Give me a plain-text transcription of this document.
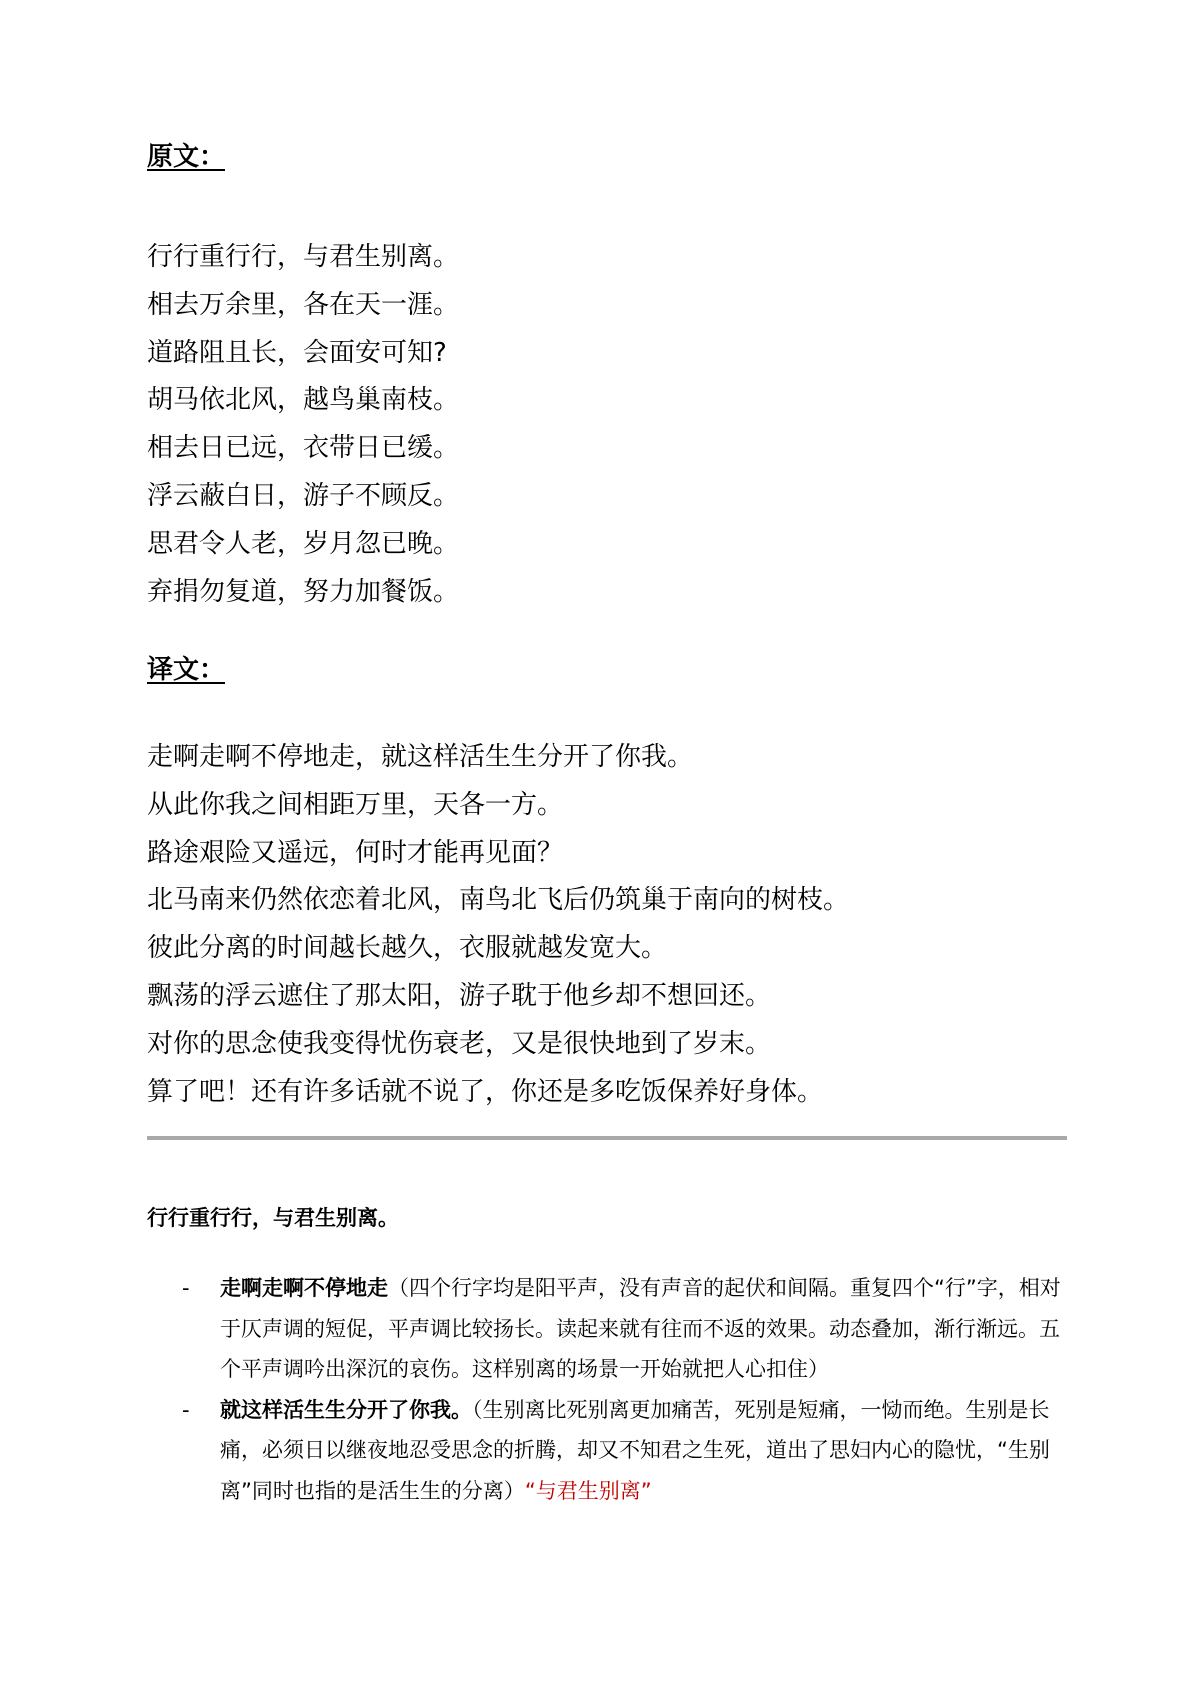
原文：
行行重行行，与君生别离。
相去万余里，各在天一涯。
道路阻且长，会面安可知?
胡马依北风，越鸟巢南枝。
相去日已远，衣带日已缓。
浮云蔽白日，游子不顾反。
思君令人老，岁月忽已晚。
弃捐勿复道，努力加餐饭。
译文：
走啊走啊不停地走，就这样活生生分开了你我。
从此你我之间相距万里，天各一方。
路途艰险又遥远，何时才能再见面？
北马南来仍然依恋着北风，南鸟北飞后仍筑巢于南向的树枝。
彼此分离的时间越长越久，衣服就越发宽大。
飘荡的浮云遮住了那太阳，游子耽于他乡却不想回还。
对你的思念使我变得忧伤衰老，又是很快地到了岁末。
算了吧！还有许多话就不说了，你还是多吃饭保养好身体。
行行重行行，与君生别离。
- 走啊走啊不停地走（四个行字均是阳平声，没有声音的起伏和间隔。重复四个“行”字，相对于仄声调的短促，平声调比较扬长。读起来就有往而不返的效果。动态叠加，渐行渐远。五个平声调吟出深沉的哀伤。这样别离的场景一开始就把人心扣住）
- 就这样活生生分开了你我。（生别离比死别离更加痛苦，死别是短痛，一恸而绝。生别是长痛，必须日以继夜地忍受思念的折腾，却又不知君之生死，道出了思妇内心的隐忧，“生别离”同时也指的是活生生的分离）“与君生别离”
